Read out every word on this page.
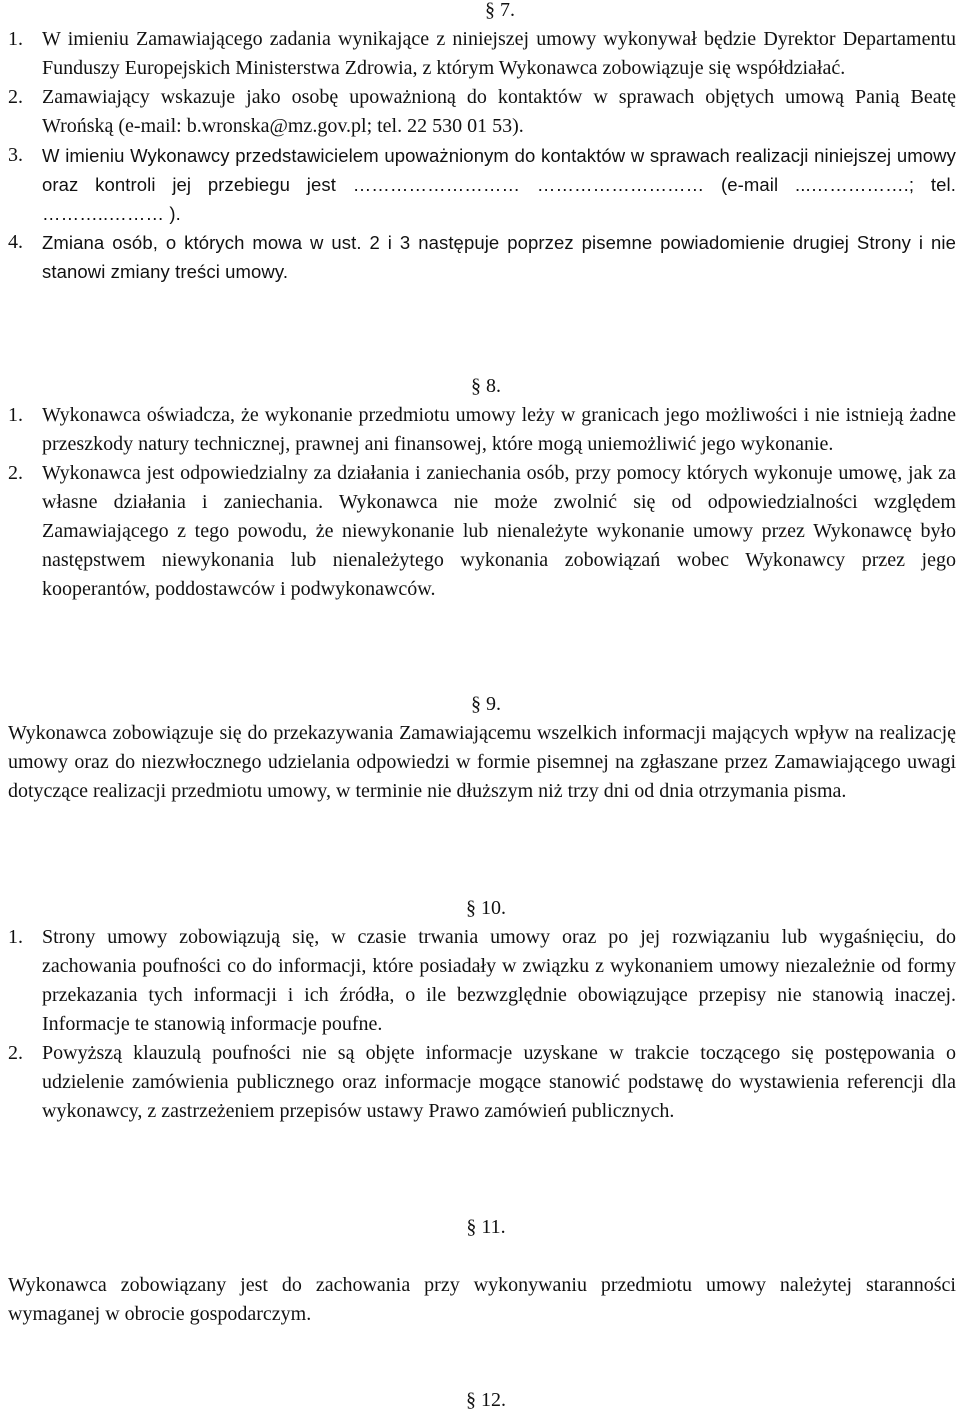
§ 7.
1. W imieniu Zamawiającego zadania wynikające z niniejszej umowy wykonywał będzie Dyrektor Departamentu Funduszy Europejskich Ministerstwa Zdrowia, z którym Wykonawca zobowiązuje się współdziałać.
2. Zamawiający wskazuje jako osobę upoważnioną do kontaktów w sprawach objętych umową Panią Beatę Wrońską (e-mail: b.wronska@mz.gov.pl; tel. 22 530 01 53).
3.	W imieniu Wykonawcy przedstawicielem upoważnionym do kontaktów w sprawach realizacji niniejszej umowy oraz kontroli jej przebiegu jest ……………………… ……………………… (e-mail ...…………….; tel. ………..……… ).
4.	Zmiana osób, o których mowa w ust. 2 i 3 następuje poprzez pisemne powiadomienie drugiej Strony i nie stanowi zmiany treści umowy.
§ 8.
1. Wykonawca oświadcza, że wykonanie przedmiotu umowy leży w granicach jego możliwości i nie istnieją żadne przeszkody natury technicznej, prawnej ani finansowej, które mogą uniemożliwić jego wykonanie.
2. Wykonawca jest odpowiedzialny za działania i zaniechania osób, przy pomocy których wykonuje umowę, jak za własne działania i zaniechania. Wykonawca nie może zwolnić się od odpowiedzialności względem Zamawiającego z tego powodu, że niewykonanie lub nienależyte wykonanie umowy przez Wykonawcę było następstwem niewykonania lub nienależytego wykonania zobowiązań wobec Wykonawcy przez jego kooperantów, poddostawców i podwykonawców.
§ 9.

Wykonawca zobowiązuje się do przekazywania Zamawiającemu wszelkich informacji mających wpływ na realizację umowy oraz do niezwłocznego udzielania odpowiedzi w formie pisemnej na zgłaszane przez Zamawiającego uwagi dotyczące realizacji przedmiotu umowy, w terminie nie dłuższym niż trzy dni od dnia otrzymania pisma.

§ 10.
1. Strony umowy zobowiązują się, w czasie trwania umowy oraz po jej rozwiązaniu lub wygaśnięciu, do zachowania poufności co do informacji, które posiadały w związku z wykonaniem umowy niezależnie od formy przekazania tych informacji i ich źródła, o ile bezwzględnie obowiązujące przepisy nie stanowią inaczej. Informacje te stanowią informacje poufne.
2. Powyższą klauzulą poufności nie są objęte informacje uzyskane w trakcie toczącego się postępowania o udzielenie zamówienia publicznego oraz informacje mogące stanowić podstawę do wystawienia referencji dla wykonawcy, z zastrzeżeniem przepisów ustawy Prawo zamówień publicznych.
§ 11.

Wykonawca zobowiązany jest do zachowania przy wykonywaniu przedmiotu umowy należytej staranności wymaganej w obrocie gospodarczym.

§ 12.
